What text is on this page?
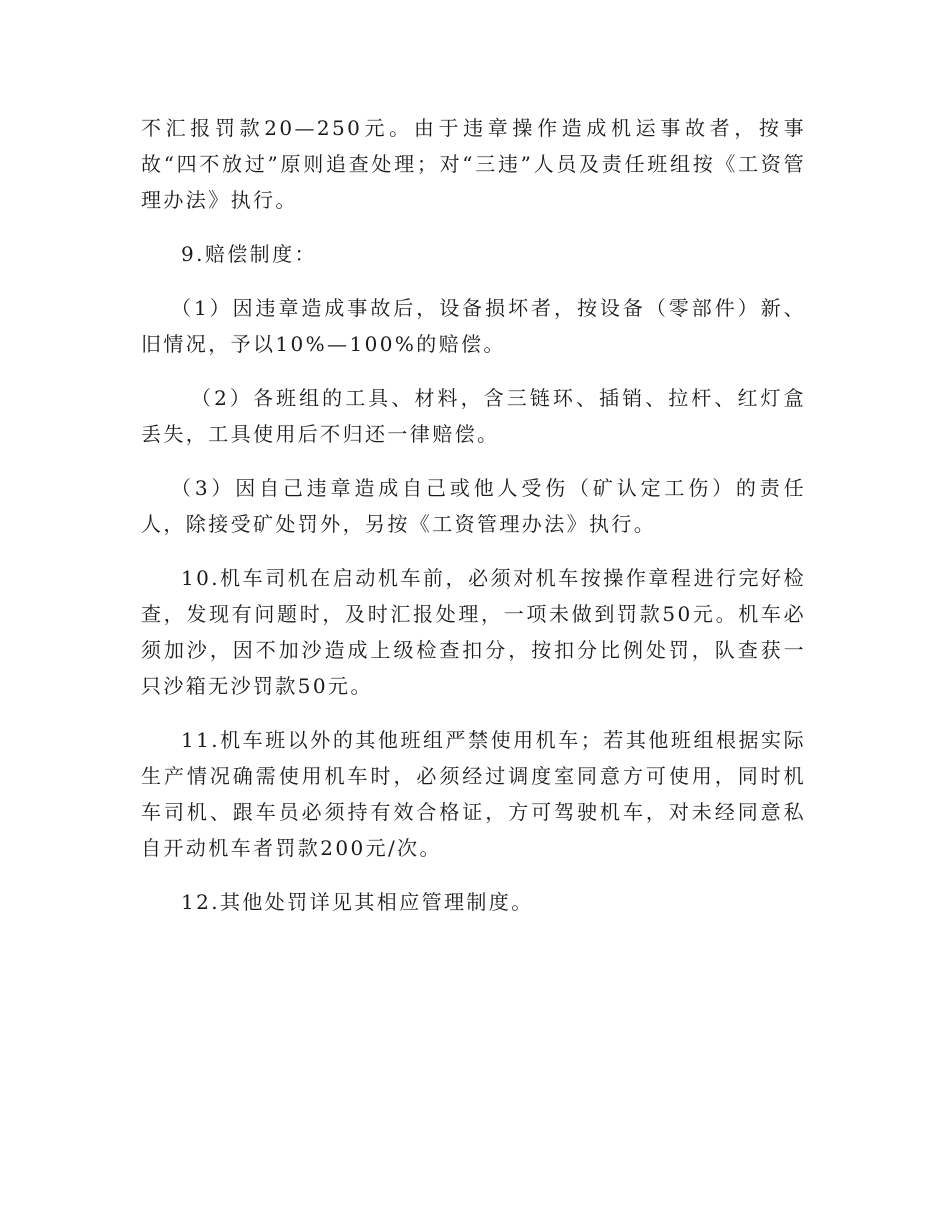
不汇报罚款20—250元。由于违章操作造成机运事故者，按事故“四不放过”原则追查处理；对“三违”人员及责任班组按《工资管理办法》执行。

9.赔偿制度：

（1）因违章造成事故后，设备损坏者，按设备（零部件）新、旧情况，予以10%—100%的赔偿。

（2）各班组的工具、材料，含三链环、插销、拉杆、红灯盒丢失，工具使用后不归还一律赔偿。

（3）因自己违章造成自己或他人受伤（矿认定工伤）的责任人，除接受矿处罚外，另按《工资管理办法》执行。

10.机车司机在启动机车前，必须对机车按操作章程进行完好检查，发现有问题时，及时汇报处理，一项未做到罚款50元。机车必须加沙，因不加沙造成上级检查扣分，按扣分比例处罚，队查获一只沙箱无沙罚款50元。

11.机车班以外的其他班组严禁使用机车；若其他班组根据实际生产情况确需使用机车时，必须经过调度室同意方可使用，同时机车司机、跟车员必须持有效合格证，方可驾驶机车，对未经同意私自开动机车者罚款200元/次。

12.其他处罚详见其相应管理制度。
